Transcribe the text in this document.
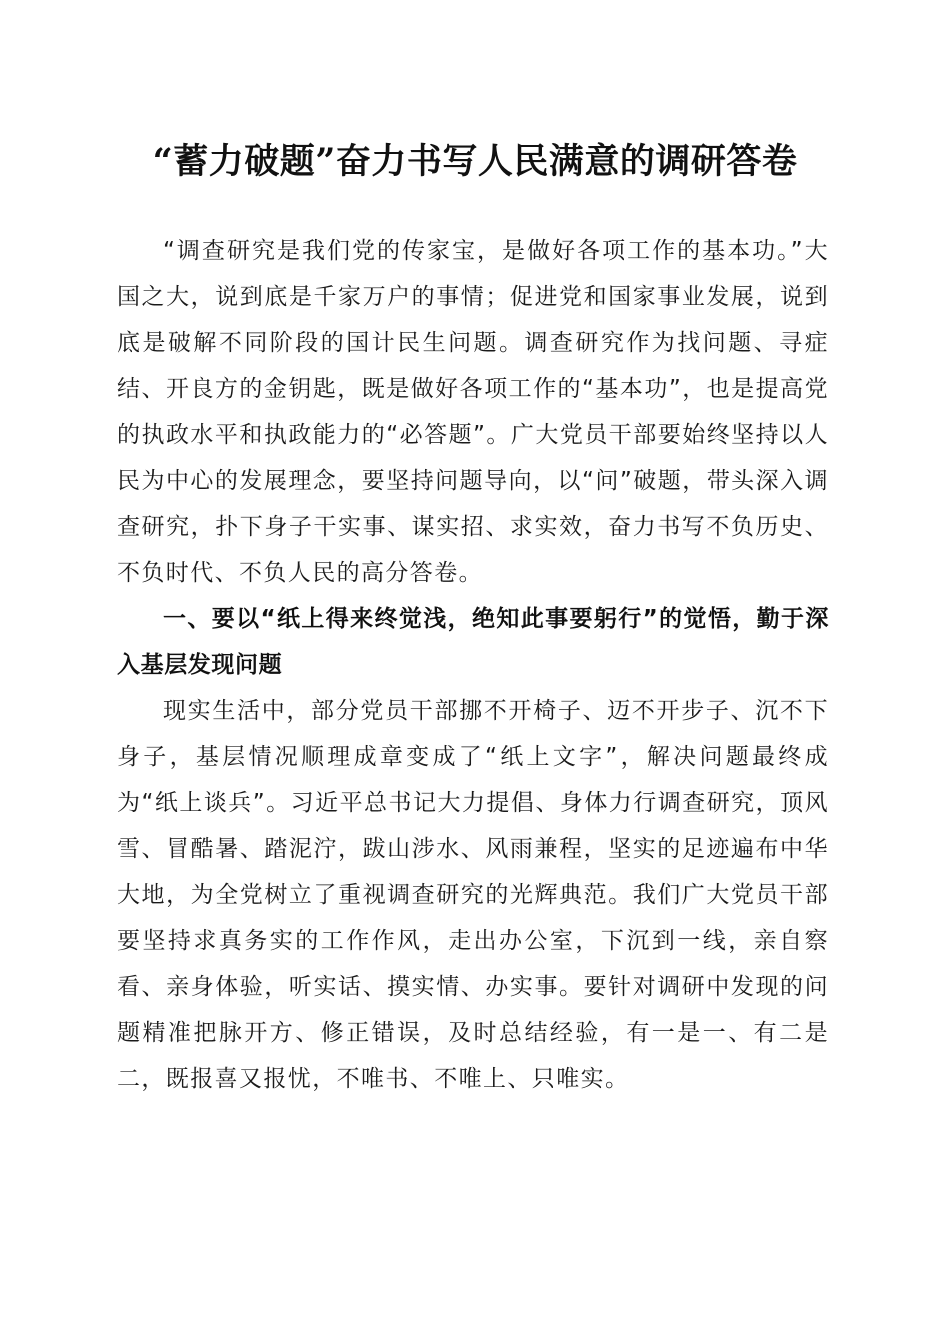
“蓄力破题”奋力书写人民满意的调研答卷

“调查研究是我们党的传家宝，是做好各项工作的基本功。”大国之大，说到底是千家万户的事情；促进党和国家事业发展，说到底是破解不同阶段的国计民生问题。调查研究作为找问题、寻症结、开良方的金钥匙，既是做好各项工作的“基本功”，也是提高党的执政水平和执政能力的“必答题”。广大党员干部要始终坚持以人民为中心的发展理念，要坚持问题导向，以“问”破题，带头深入调查研究，扑下身子干实事、谋实招、求实效，奋力书写不负历史、不负时代、不负人民的高分答卷。

一、要以“纸上得来终觉浅，绝知此事要躬行”的觉悟，勤于深入基层发现问题

现实生活中，部分党员干部挪不开椅子、迈不开步子、沉不下身子，基层情况顺理成章变成了“纸上文字”，解决问题最终成为“纸上谈兵”。习近平总书记大力提倡、身体力行调查研究，顶风雪、冒酷暑、踏泥泞，跋山涉水、风雨兼程，坚实的足迹遍布中华大地，为全党树立了重视调查研究的光辉典范。我们广大党员干部要坚持求真务实的工作作风，走出办公室，下沉到一线，亲自察看、亲身体验，听实话、摸实情、办实事。要针对调研中发现的问题精准把脉开方、修正错误，及时总结经验，有一是一、有二是二，既报喜又报忧，不唯书、不唯上、只唯实。
